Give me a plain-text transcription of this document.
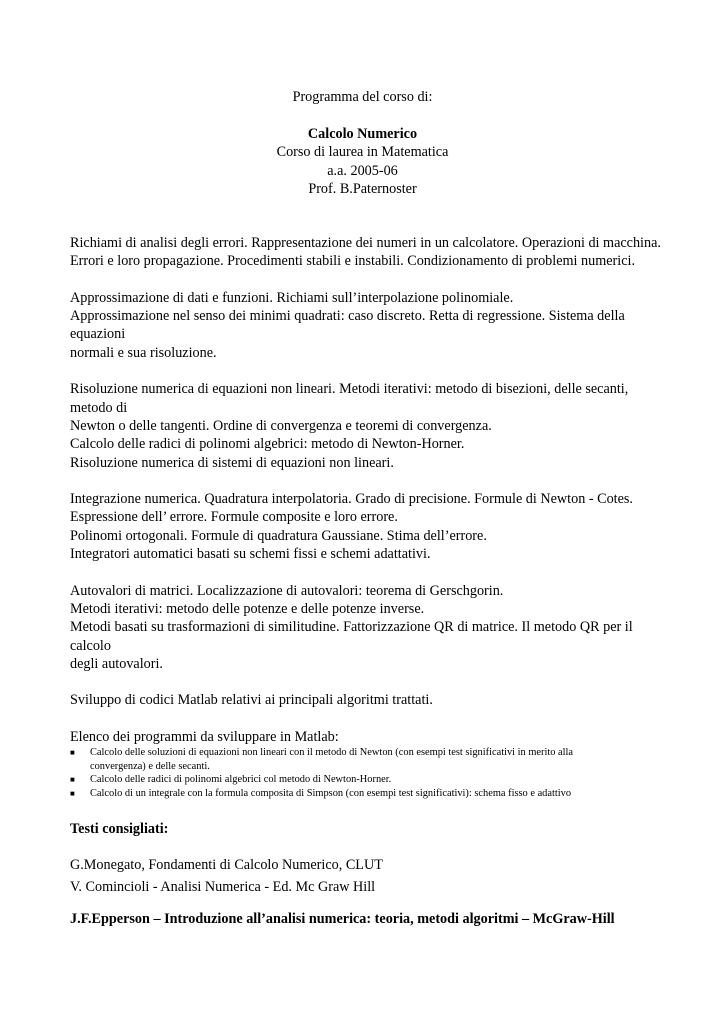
Programma del corso di:
Calcolo Numerico
Corso di laurea in Matematica
a.a. 2005-06
Prof. B.Paternoster

Richiami di analisi degli errori. Rappresentazione dei numeri in un calcolatore. Operazioni di macchina.

Errori e loro propagazione. Procedimenti stabili e instabili. Condizionamento di problemi numerici.

Approssimazione di dati e funzioni. Richiami sull’interpolazione polinomiale.

Approssimazione nel senso dei minimi quadrati: caso discreto. Retta di regressione. Sistema della equazioni

normali e sua risoluzione.

Risoluzione numerica di equazioni non lineari. Metodi iterativi: metodo di bisezioni, delle secanti, metodo di

Newton o delle tangenti. Ordine di convergenza e teoremi di convergenza.

Calcolo delle radici di polinomi algebrici: metodo di Newton-Horner.

Risoluzione numerica di sistemi di equazioni non lineari.

Integrazione numerica. Quadratura interpolatoria. Grado di precisione. Formule di Newton - Cotes.

Espressione dell’ errore. Formule composite e loro errore.

Polinomi ortogonali. Formule di quadratura Gaussiane. Stima dell’errore.

Integratori automatici basati su schemi fissi e schemi adattativi.

Autovalori di matrici. Localizzazione di autovalori: teorema di Gerschgorin.

Metodi iterativi: metodo delle potenze e delle potenze inverse.

Metodi basati su trasformazioni di similitudine. Fattorizzazione QR di matrice. Il metodo QR per il calcolo

degli autovalori.

Sviluppo di codici Matlab relativi ai principali algoritmi trattati.

Elenco dei programmi da sviluppare in Matlab:

■ Calcolo delle soluzioni di equazioni non lineari con il metodo di Newton (con esempi test significativi in merito alla
convergenza) e delle secanti.
■ Calcolo delle radici di polinomi algebrici col metodo di Newton-Horner.
■ Calcolo di un integrale con la formula composita di Simpson (con esempi test significativi): schema fisso e adattivo
Testi consigliati:
G.Monegato, Fondamenti di Calcolo Numerico, CLUT
V. Comincioli - Analisi Numerica - Ed. Mc Graw Hill
J.F.Epperson – Introduzione all’analisi numerica: teoria, metodi algoritmi – McGraw-Hill
